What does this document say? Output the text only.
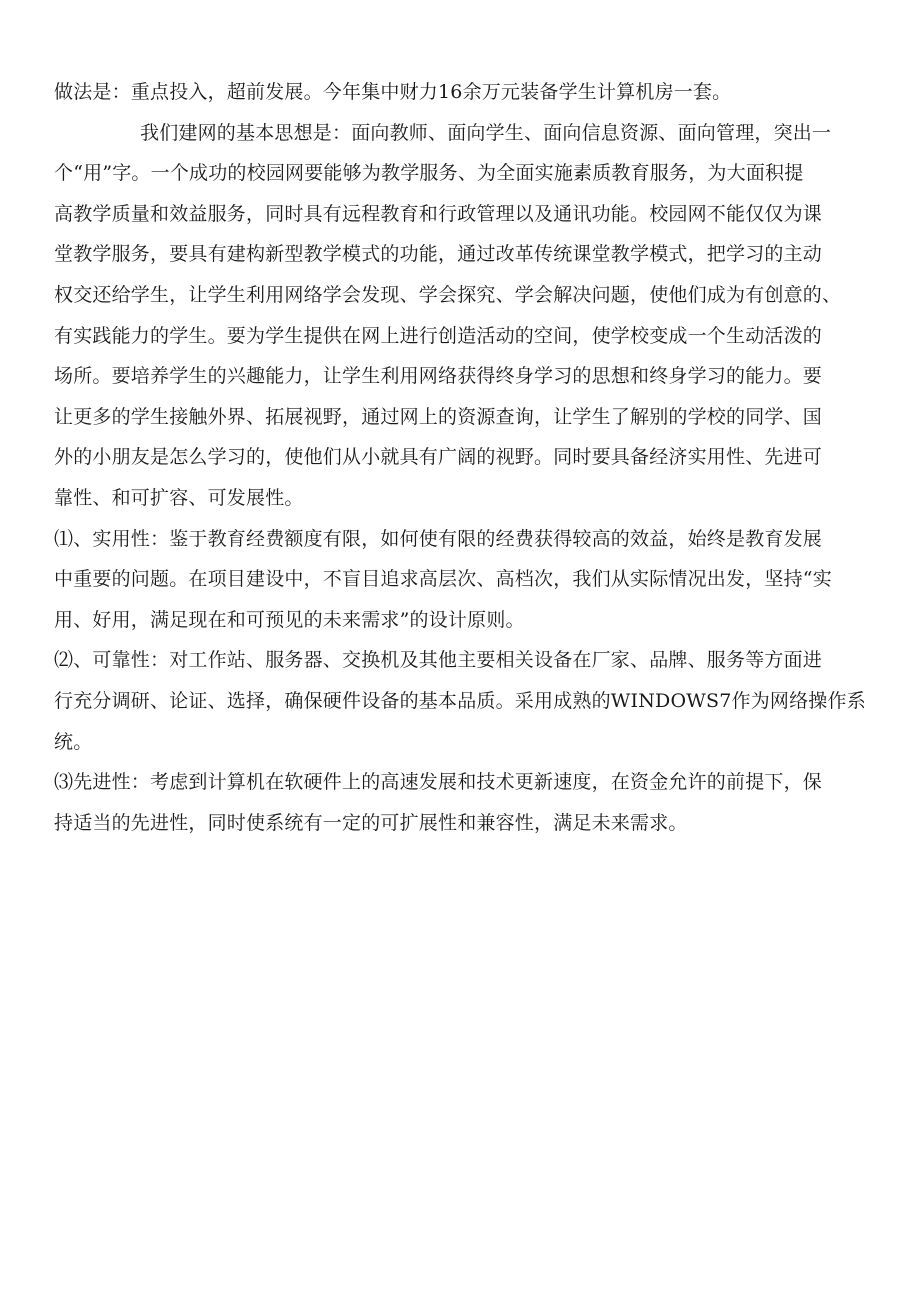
做法是：重点投入，超前发展。今年集中财力16余万元装备学生计算机房一套。
我们建网的基本思想是：面向教师、面向学生、面向信息资源、面向管理，突出一
个“用”字。一个成功的校园网要能够为教学服务、为全面实施素质教育服务，为大面积提
高教学质量和效益服务，同时具有远程教育和行政管理以及通讯功能。校园网不能仅仅为课
堂教学服务，要具有建构新型教学模式的功能，通过改革传统课堂教学模式，把学习的主动
权交还给学生，让学生利用网络学会发现、学会探究、学会解决问题，使他们成为有创意的、
有实践能力的学生。要为学生提供在网上进行创造活动的空间，使学校变成一个生动活泼的
场所。要培养学生的兴趣能力，让学生利用网络获得终身学习的思想和终身学习的能力。要
让更多的学生接触外界、拓展视野，通过网上的资源查询，让学生了解别的学校的同学、国
外的小朋友是怎么学习的，使他们从小就具有广阔的视野。同时要具备经济实用性、先进可
靠性、和可扩容、可发展性。
⑴、实用性：鉴于教育经费额度有限，如何使有限的经费获得较高的效益，始终是教育发展
中重要的问题。在项目建设中，不盲目追求高层次、高档次，我们从实际情况出发，坚持“实
用、好用，满足现在和可预见的未来需求”的设计原则。
⑵、可靠性：对工作站、服务器、交换机及其他主要相关设备在厂家、品牌、服务等方面进
行充分调研、论证、选择，确保硬件设备的基本品质。采用成熟的WINDOWS7作为网络操作系
统。
⑶先进性：考虑到计算机在软硬件上的高速发展和技术更新速度，在资金允许的前提下，保
持适当的先进性，同时使系统有一定的可扩展性和兼容性，满足未来需求。
